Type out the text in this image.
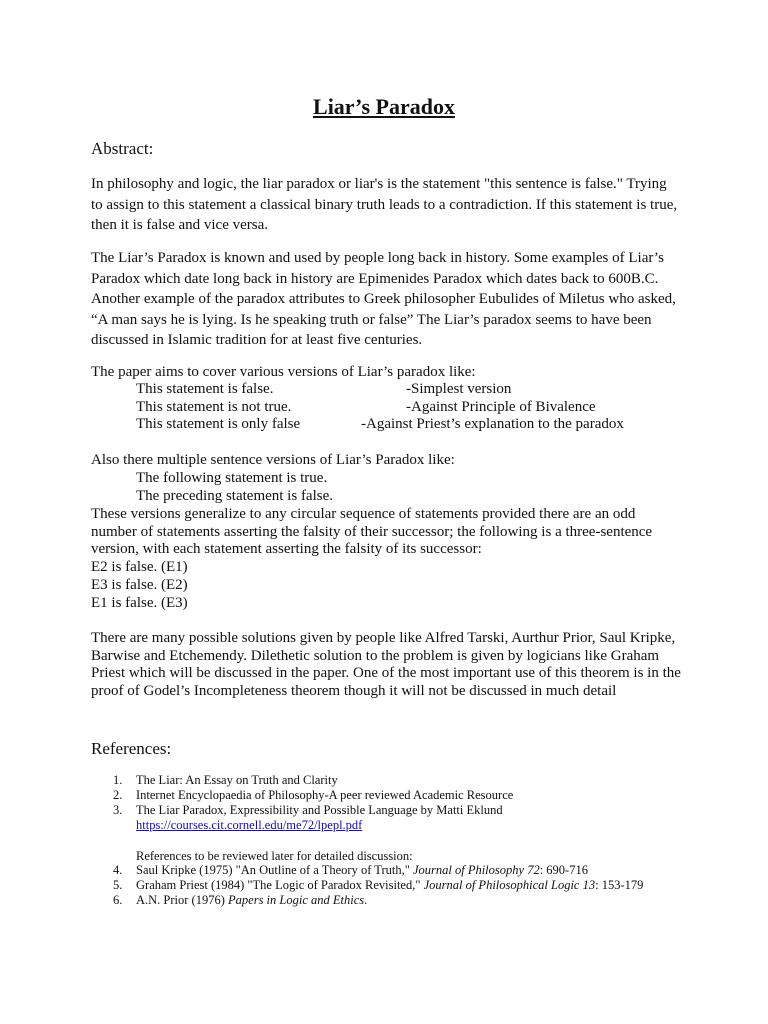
Liar’s Paradox
Abstract:

In philosophy and logic, the liar paradox or liar's is the statement "this sentence is false." Trying to assign to this statement a classical binary truth leads to a contradiction. If this statement is true, then it is false and vice versa.

The Liar’s Paradox is known and used by people long back in history. Some examples of Liar’s Paradox which date long back in history are Epimenides Paradox which dates back to 600B.C. Another example of the paradox attributes to Greek philosopher Eubulides of Miletus who asked, “A man says he is lying. Is he speaking truth or false” The Liar’s paradox seems to have been discussed in Islamic tradition for at least five centuries.

The paper aims to cover various versions of Liar’s paradox like:
This statement is false.	-Simplest version
This statement is not true.	-Against Principle of Bivalence
This statement is only false	-Against Priest’s explanation to the paradox
Also there multiple sentence versions of Liar’s Paradox like:
The following statement is true.
The preceding statement is false.

These versions generalize to any circular sequence of statements provided there are an odd number of statements asserting the falsity of their successor; the following is a three-sentence version, with each statement asserting the falsity of its successor:

E2 is false. (E1)
E3 is false. (E2)
E1 is false. (E3)

There are many possible solutions given by people like Alfred Tarski, Aurthur Prior, Saul Kripke, Barwise and Etchemendy. Dilethetic solution to the problem is given by logicians like Graham Priest which will be discussed in the paper. One of the most important use of this theorem is in the proof of Godel’s Incompleteness theorem though it will not be discussed in much detail

References:
1. The Liar: An Essay on Truth and Clarity
2. Internet Encyclopaedia of Philosophy-A peer reviewed Academic Resource
3. The Liar Paradox, Expressibility and Possible Language by Matti Eklund
https://courses.cit.cornell.edu/me72/lpepl.pdf
References to be reviewed later for detailed discussion:
4. Saul Kripke (1975) "An Outline of a Theory of Truth," Journal of Philosophy 72: 690-716
5. Graham Priest (1984) "The Logic of Paradox Revisited," Journal of Philosophical Logic 13: 153-179
6. A.N. Prior (1976) Papers in Logic and Ethics.
